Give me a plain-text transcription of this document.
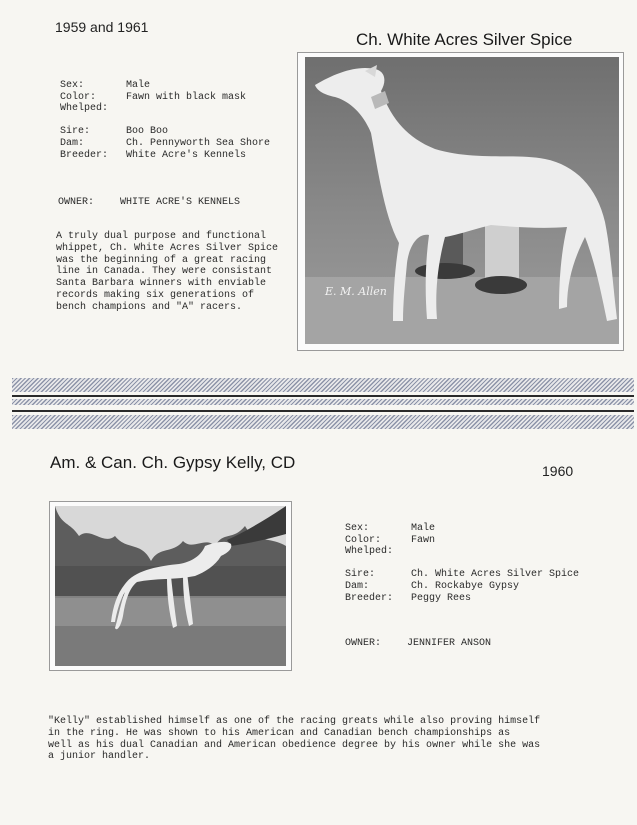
1959 and 1961
Ch. White Acres Silver Spice
Sex:	Male
Color:	Fawn with black mask
Whelped:	

Sire:	Boo Boo
Dam:	Ch. Pennyworth Sea Shore
Breeder:	White Acre's Kennels
OWNER:	WHITE ACRE'S KENNELS

A truly dual purpose and functional

whippet, Ch. White Acres Silver Spice

was the beginning of a great racing

line in Canada. They were consistant

Santa Barbara winners with enviable

records making six generations of

bench champions and "A" racers.

E. M. Allen
Am. & Can. Ch. Gypsy Kelly, CD	1960
Sex:	Male
Color:	Fawn
Whelped:	

Sire:	Ch. White Acres Silver Spice
Dam:	Ch. Rockabye Gypsy
Breeder:	Peggy Rees
OWNER:	JENNIFER ANSON

"Kelly" established himself as one of the racing greats while also proving himself

in the ring. He was shown to his American and Canadian bench championships as

well as his dual Canadian and American obedience degree by his owner while she was

a junior handler.
